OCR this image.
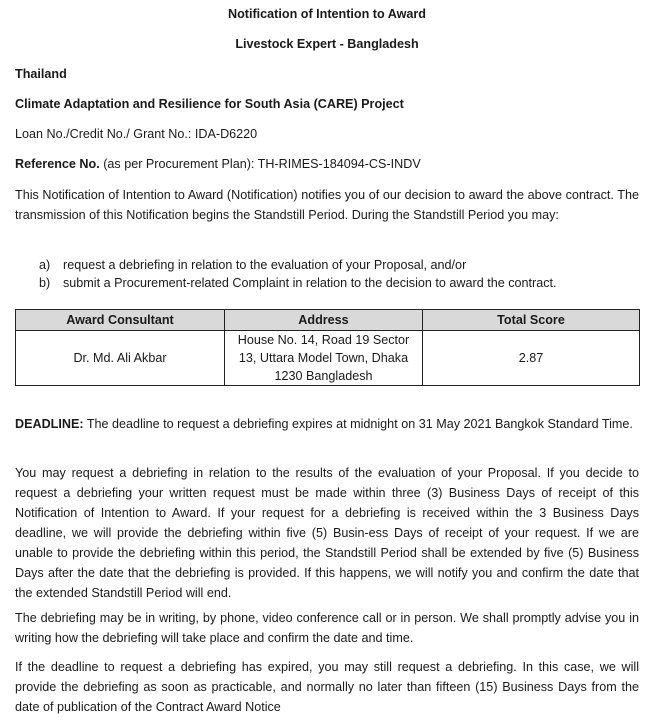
Notification of Intention to Award
Livestock Expert - Bangladesh
Thailand
Climate Adaptation and Resilience for South Asia (CARE) Project
Loan No./Credit No./ Grant No.: IDA-D6220
Reference No. (as per Procurement Plan): TH-RIMES-184094-CS-INDV
This Notification of Intention to Award (Notification) notifies you of our decision to award the above contract. The transmission of this Notification begins the Standstill Period. During the Standstill Period you may:
a)	request a debriefing in relation to the evaluation of your Proposal, and/or
b)	submit a Procurement-related Complaint in relation to the decision to award the contract.
Award Consultant	Address	Total Score
Dr. Md. Ali Akbar	House No. 14, Road 19 Sector 13, Uttara Model Town, Dhaka 1230 Bangladesh	2.87
DEADLINE: The deadline to request a debriefing expires at midnight on 31 May 2021 Bangkok Standard Time.
You may request a debriefing in relation to the results of the evaluation of your Proposal. If you decide to request a debriefing your written request must be made within three (3) Business Days of receipt of this Notification of Intention to Award. If your request for a debriefing is received within the 3 Business Days deadline, we will provide the debriefing within five (5) Busin-ess Days of receipt of your request. If we are unable to provide the debriefing within this period, the Standstill Period shall be extended by five (5) Business Days after the date that the debriefing is provided. If this happens, we will notify you and confirm the date that the extended Standstill Period will end.
The debriefing may be in writing, by phone, video conference call or in person. We shall promptly advise you in writing how the debriefing will take place and confirm the date and time.
If the deadline to request a debriefing has expired, you may still request a debriefing. In this case, we will provide the debriefing as soon as practicable, and normally no later than fifteen (15) Business Days from the date of publication of the Contract Award Notice
